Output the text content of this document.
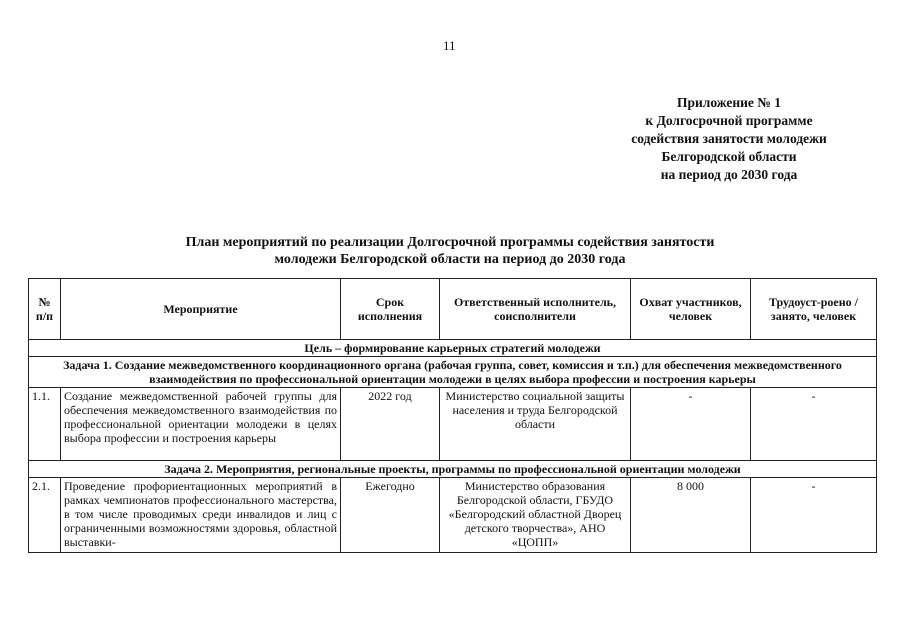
11
Приложение № 1
к Долгосрочной программе
содействия занятости молодежи
Белгородской области
на период до 2030 года
План мероприятий по реализации Долгосрочной программы содействия занятости
молодежи Белгородской области на период до 2030 года
№ п/п	Мероприятие	Срок исполнения	Ответственный исполнитель, соисполнители	Охват участников, человек	Трудоуст-роено / занято, человек
Цель – формирование карьерных стратегий молодежи					
Задача 1. Создание межведомственного координационного органа (рабочая группа, совет, комиссия и т.п.) для обеспечения межведомственного взаимодействия по профессиональной ориентации молодежи в целях выбора профессии и построения карьеры					
1.1.	Создание межведомственной рабочей группы для обеспечения межведомственного взаимодействия по профессиональной ориентации молодежи в целях выбора профессии и построения карьеры	2022 год	Министерство социальной защиты населения и труда Белгородской области	-	-
Задача 2. Мероприятия, региональные проекты, программы по профессиональной ориентации молодежи					
2.1.	Проведение профориентационных мероприятий в рамках чемпионатов профессионального мастерства, в том числе проводимых среди инвалидов и лиц с ограниченными возможностями здоровья, областной выставки-	Ежегодно	Министерство образования Белгородской области, ГБУДО «Белгородский областной Дворец детского творчества», АНО «ЦОПП»	8 000	-
